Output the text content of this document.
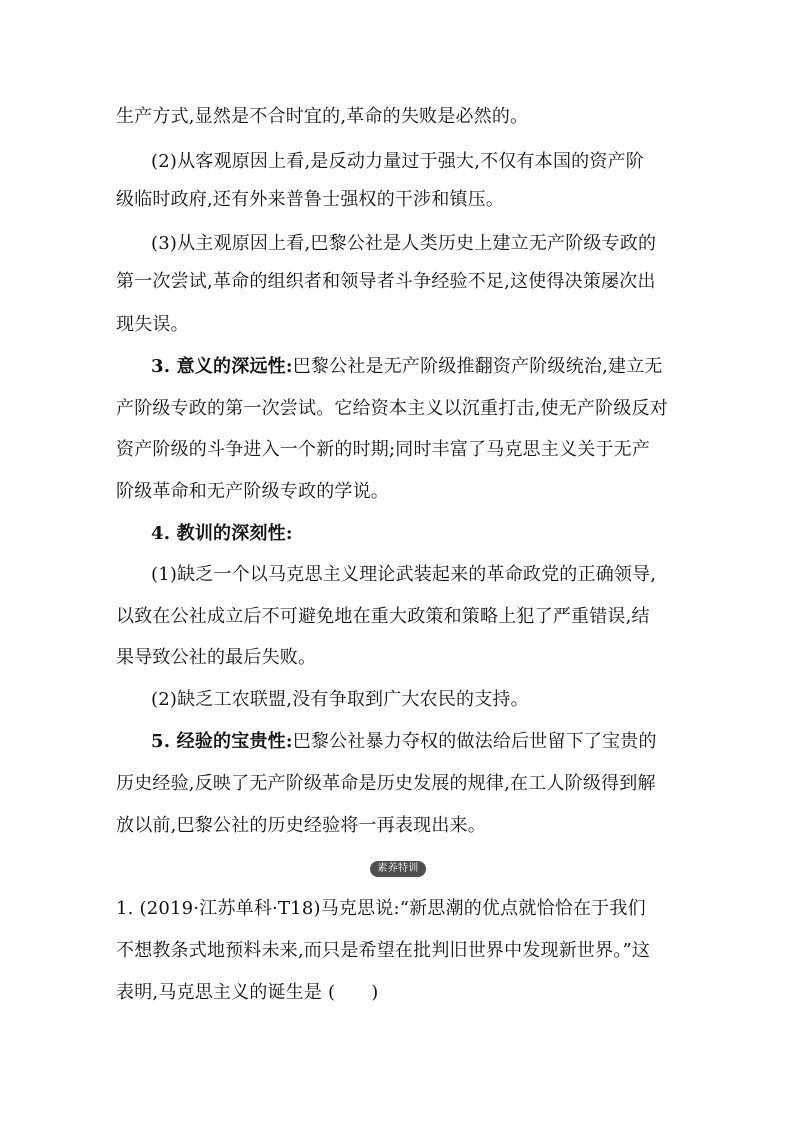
生产方式,显然是不合时宜的,革命的失败是必然的。
(2)从客观原因上看,是反动力量过于强大,不仅有本国的资产阶
级临时政府,还有外来普鲁士强权的干涉和镇压。
(3)从主观原因上看,巴黎公社是人类历史上建立无产阶级专政的
第一次尝试,革命的组织者和领导者斗争经验不足,这使得决策屡次出
现失误。
3. 意义的深远性:巴黎公社是无产阶级推翻资产阶级统治,建立无
产阶级专政的第一次尝试。它给资本主义以沉重打击,使无产阶级反对
资产阶级的斗争进入一个新的时期;同时丰富了马克思主义关于无产
阶级革命和无产阶级专政的学说。
4. 教训的深刻性:
(1)缺乏一个以马克思主义理论武装起来的革命政党的正确领导,
以致在公社成立后不可避免地在重大政策和策略上犯了严重错误,结
果导致公社的最后失败。
(2)缺乏工农联盟,没有争取到广大农民的支持。
5. 经验的宝贵性:巴黎公社暴力夺权的做法给后世留下了宝贵的
历史经验,反映了无产阶级革命是历史发展的规律,在工人阶级得到解
放以前,巴黎公社的历史经验将一再表现出来。
素养特训
1. (2019·江苏单科·T18)马克思说:“新思潮的优点就恰恰在于我们
不想教条式地预料未来,而只是希望在批判旧世界中发现新世界。”这
表明,马克思主义的诞生是 ( )
